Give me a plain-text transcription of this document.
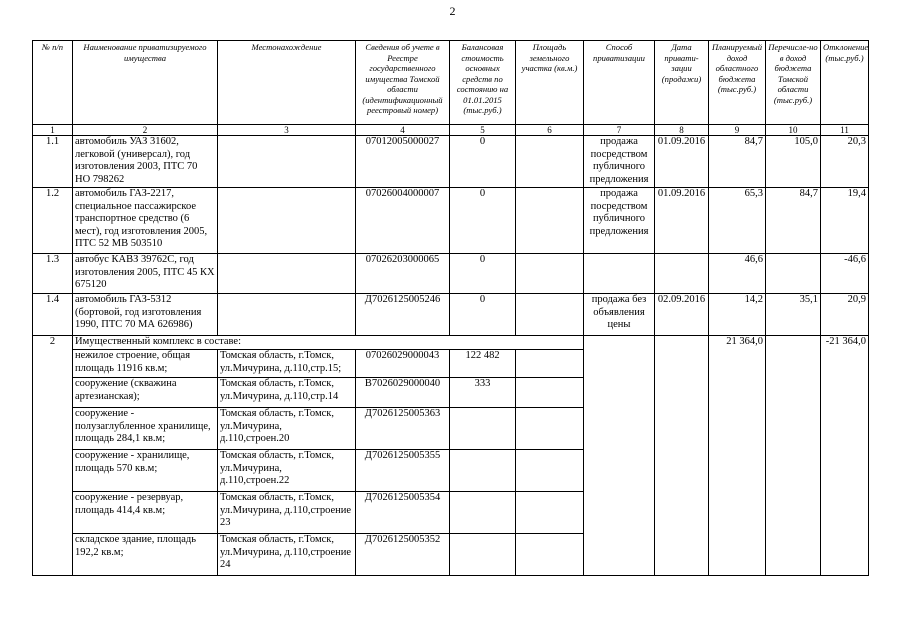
2
№ п/п	Наименование приватизируемого имущества	Местонахождение	Сведения об учете в Реестре государственного имущества Томской области (идентификационный реестровый номер)	Балансовая стоимость основных средств по состоянию на 01.01.2015 (тыс.руб.)	Площадь земельного участка (кв.м.)	Способ приватизации	Дата привати-зации (продажи)	Планируемый доход областного бюджета (тыс.руб.)	Перечисле-но в доход бюджета Томской области (тыс.руб.)	Отклонение (тыс.руб.)
1	2	3	4	5	6	7	8	9	10	11
1.1	автомобиль УАЗ 31602, легковой (универсал), год изготовления 2003, ПТС 70 НО 798262		07012005000027	0		продажа посредством публичного предложения	01.09.2016	84,7	105,0	20,3
1.2	автомобиль ГАЗ-2217, специальное пассажирское транспортное средство (6 мест), год изготовления 2005, ПТС 52 МВ 503510		07026004000007	0		продажа посредством публичного предложения	01.09.2016	65,3	84,7	19,4
1.3	автобус КАВЗ 39762С, год изготовления 2005, ПТС 45 КХ 675120		07026203000065	0				46,6		-46,6
1.4	автомобиль ГАЗ-5312 (бортовой, год изготовления 1990, ПТС 70 МА 626986)		Д7026125005246	0		продажа без объявления цены	02.09.2016	14,2	35,1	20,9
2	Имущественный комплекс в составе:							21 364,0		-21 364,0
	нежилое строение, общая площадь 11916 кв.м;	Томская область, г.Томск, ул.Мичурина, д.110,стр.15;	07026029000043	122 482						
	сооружение (скважина артезианская);	Томская область, г.Томск, ул.Мичурина, д.110,стр.14	В7026029000040	333						
	сооружение - полузаглубленное хранилище, площадь 284,1 кв.м;	Томская область, г.Томск, ул.Мичурина, д.110,строен.20	Д7026125005363							
	сооружение - хранилище, площадь 570 кв.м;	Томская область, г.Томск, ул.Мичурина, д.110,строен.22	Д7026125005355							
	сооружение - резервуар, площадь 414,4 кв.м;	Томская область, г.Томск, ул.Мичурина, д.110,строение 23	Д7026125005354							
	складское здание, площадь 192,2 кв.м;	Томская область, г.Томск, ул.Мичурина, д.110,строение 24	Д7026125005352							
